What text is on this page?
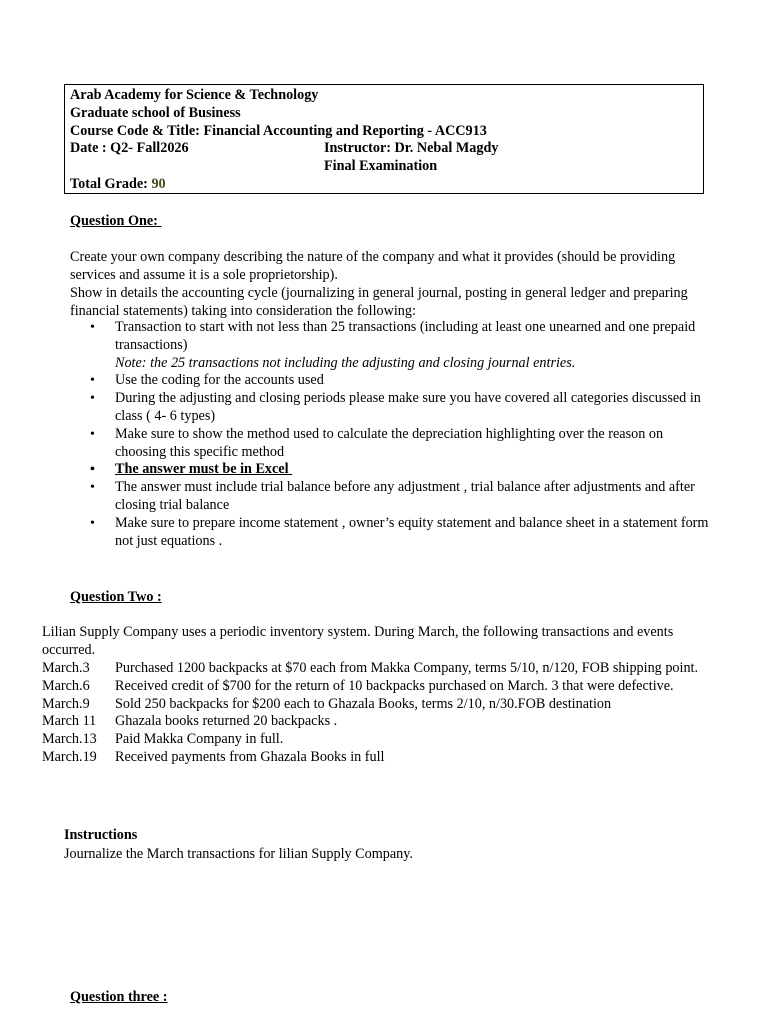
Arab Academy for Science & Technology
Graduate school of Business
Course Code & Title: Financial Accounting and Reporting - ACC913
Date : Q2- Fall2026	Instructor: Dr. Nebal Magdy
Final Examination
Total Grade: 90
Question One:
Create your own company describing the nature of the company and what it provides (should be providing services and assume it is a sole proprietorship).
Show in details the accounting cycle (journalizing in general journal, posting in general ledger and preparing financial statements) taking into consideration the following:
• Transaction to start with not less than 25 transactions (including at least one unearned and one prepaid transactions)
Note: the 25 transactions not including the adjusting and closing journal entries.
• Use the coding for the accounts used
• During the adjusting and closing periods please make sure you have covered all categories discussed in class ( 4- 6 types)
• Make sure to show the method used to calculate the depreciation highlighting over the reason on choosing this specific method
• The answer must be in Excel
• The answer must include trial balance before any adjustment , trial balance after adjustments and after closing trial balance
• Make sure to prepare income statement , owner’s equity statement and balance sheet in a statement form not just equations .
Question Two :
Lilian Supply Company uses a periodic inventory system. During March, the following transactions and events occurred.
March.3	Purchased 1200 backpacks at $70 each from Makka Company, terms 5/10, n/120, FOB shipping point.
March.6	Received credit of $700 for the return of 10 backpacks purchased on March. 3 that were defective.
March.9	Sold 250 backpacks for $200 each to Ghazala Books, terms 2/10, n/30.FOB destination
March 11	Ghazala books returned 20 backpacks .
March.13	Paid Makka Company in full.
March.19	Received payments from Ghazala Books in full
Instructions
Journalize the March transactions for lilian Supply Company.
Question three :
